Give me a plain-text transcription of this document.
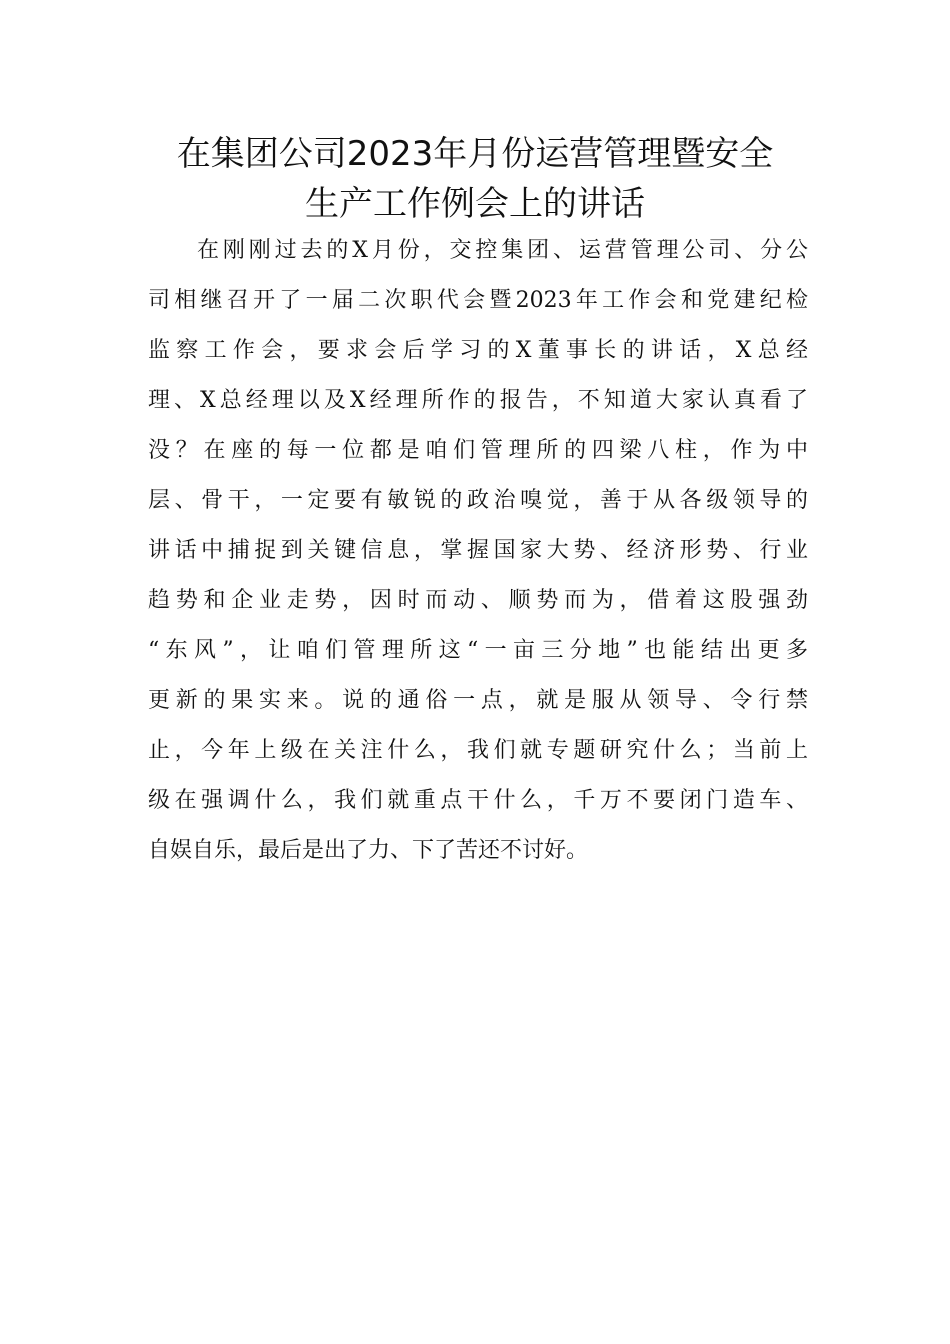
在集团公司2023年月份运营管理暨安全
生产工作例会上的讲话
在刚刚过去的X月份，交控集团、运营管理公司、分公
司相继召开了一届二次职代会暨2023年工作会和党建纪检
监察工作会，要求会后学习的X董事长的讲话，X总经
理、X总经理以及X经理所作的报告，不知道大家认真看了
没？在座的每一位都是咱们管理所的四梁八柱，作为中
层、骨干，一定要有敏锐的政治嗅觉，善于从各级领导的
讲话中捕捉到关键信息，掌握国家大势、经济形势、行业
趋势和企业走势，因时而动、顺势而为，借着这股强劲
“东风”，让咱们管理所这“一亩三分地”也能结出更多
更新的果实来。说的通俗一点，就是服从领导、令行禁
止，今年上级在关注什么，我们就专题研究什么；当前上
级在强调什么，我们就重点干什么，千万不要闭门造车、
自娱自乐，最后是出了力、下了苦还不讨好。
